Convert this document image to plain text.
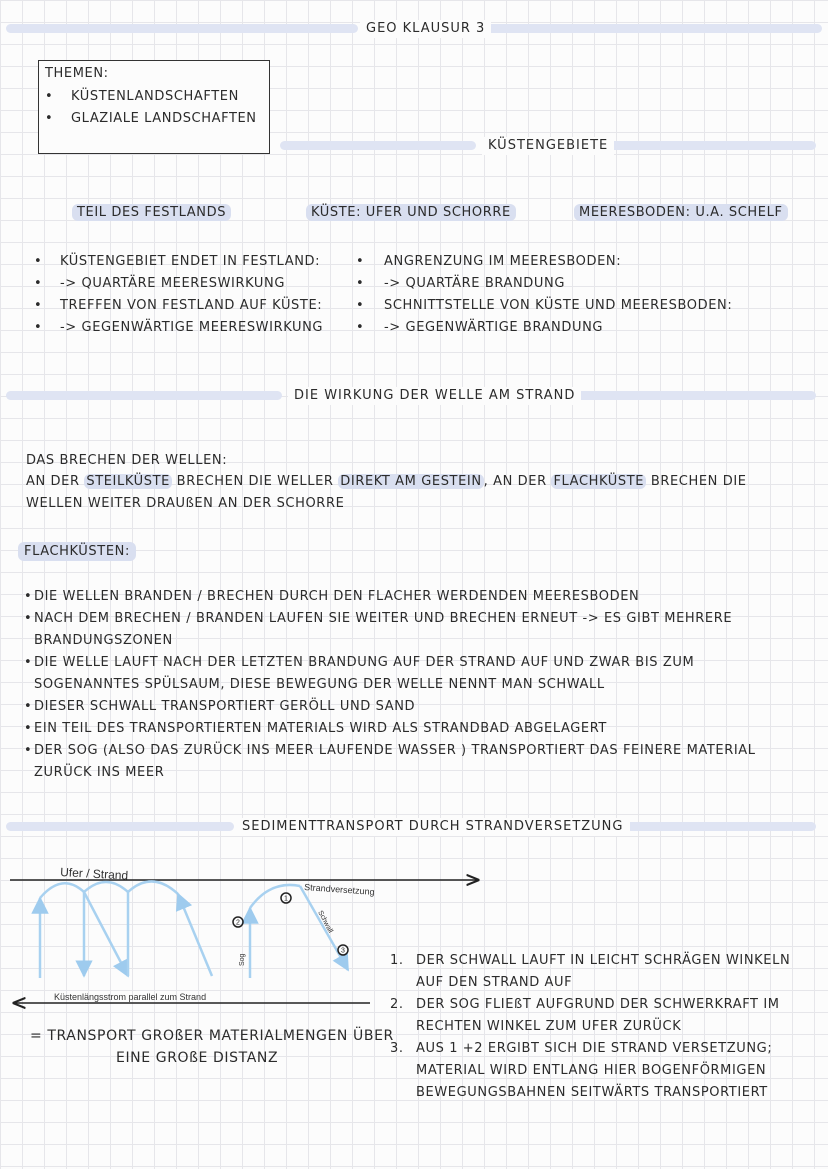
GEO KLAUSUR 3
THEMEN:
• KÜSTENLANDSCHAFTEN
• GLAZIALE LANDSCHAFTEN
KÜSTENGEBIETE
TEIL DES FESTLANDS	KÜSTE: UFER UND SCHORRE	MEERESBODEN: U.A. SCHELF
• KÜSTENGEBIET ENDET IN FESTLAND:
• -> QUARTÄRE MEERESWIRKUNG
• TREFFEN VON FESTLAND AUF KÜSTE:
• -> GEGENWÄRTIGE MEERESWIRKUNG
• ANGRENZUNG IM MEERESBODEN:
• -> QUARTÄRE BRANDUNG
• SCHNITTSTELLE VON KÜSTE UND MEERESBODEN:
• -> GEGENWÄRTIGE BRANDUNG
DIE WIRKUNG DER WELLE AM STRAND
DAS BRECHEN DER WELLEN:
AN DER STEILKÜSTE BRECHEN DIE WELLER DIREKT AM GESTEIN , AN DER FLACHKÜSTE BRECHEN DIE WELLEN WEITER DRAUßEN AN DER SCHORRE
FLACHKÜSTEN:
• DIE WELLEN BRANDEN / BRECHEN DURCH DEN FLACHER WERDENDEN MEERESBODEN
• NACH DEM BRECHEN / BRANDEN LAUFEN SIE WEITER UND BRECHEN ERNEUT -> ES GIBT MEHRERE BRANDUNGSZONEN
• DIE WELLE LAUFT NACH DER LETZTEN BRANDUNG AUF DER STRAND AUF UND ZWAR BIS ZUM SOGENANNTES SPÜLSAUM, DIESE BEWEGUNG DER WELLE NENNT MAN SCHWALL
• DIESER SCHWALL TRANSPORTIERT GERÖLL UND SAND
• EIN TEIL DES TRANSPORTIERTEN MATERIALS WIRD ALS STRANDBAD ABGELAGERT
• DER SOG (ALSO DAS ZURÜCK INS MEER LAUFENDE WASSER ) TRANSPORTIERT DAS FEINERE MATERIAL ZURÜCK INS MEER
SEDIMENTTRANSPORT DURCH STRANDVERSETZUNG
Ufer / Strand
Strandversetzung
Schwall
Sog
1
2
3
Küstenlängsstrom parallel zum Strand
= TRANSPORT GROßER MATERIALMENGEN ÜBER
EINE GROßE DISTANZ
1. DER SCHWALL LAUFT IN LEICHT SCHRÄGEN WINKELN AUF DEN STRAND AUF
2. DER SOG FLIEßT AUFGRUND DER SCHWERKRAFT IM RECHTEN WINKEL ZUM UFER ZURÜCK
3. AUS 1 +2 ERGIBT SICH DIE STRAND VERSETZUNG; MATERIAL WIRD ENTLANG HIER BOGENFÖRMIGEN BEWEGUNGSBAHNEN SEITWÄRTS TRANSPORTIERT
